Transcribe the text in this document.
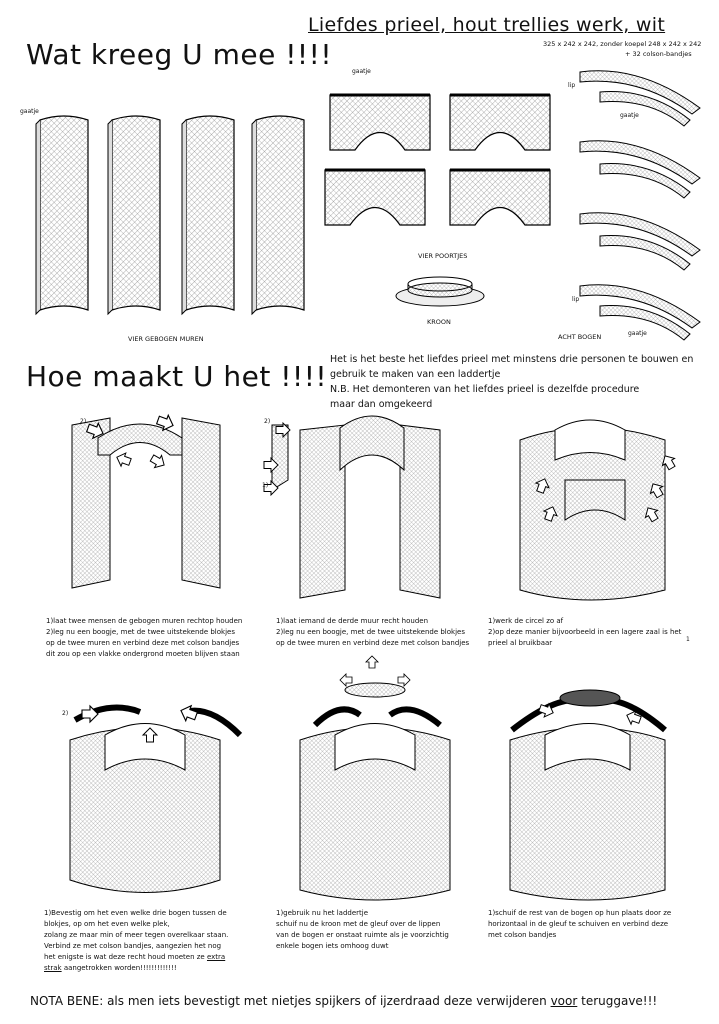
Liefdes prieel, hout trellies werk, wit
325 x 242 x 242, zonder koepel 248 x 242 x 242
+ 32 colson-bandjes
Wat kreeg U mee !!!!
gaatje
gaatje
gaatje
lip
lip
gaatje
VIER GEBOGEN MUREN
VIER POORTJES
KROON
ACHT BOGEN
Hoe maakt U het !!!!
Het is het beste het liefdes prieel met minstens drie personen te bouwen en
gebruik te maken van een laddertje
N.B. Het demonteren van het liefdes prieel is dezelfde procedure
maar dan omgekeerd
2)	2)
1)
2)
1
1)laat twee mensen de gebogen muren rechtop houden
2)leg nu een boogje, met de twee uitstekende blokjes
op de twee muren en verbind deze met colson bandjes
dit zou op een vlakke ondergrond moeten blijven staan
1)laat iemand de derde muur recht houden
2)leg nu een boogje, met de twee uitstekende blokjes
op de twee muren en verbind deze met colson bandjes
1)werk de circel zo af
2)op deze manier bijvoorbeeld in een lagere zaal is het
prieel al bruikbaar
1)Bevestig om het even welke drie bogen tussen de
blokjes, op om het even welke plek,
zolang ze maar min of meer tegen overelkaar staan.
Verbind ze met colson bandjes, aangezien het nog
het enigste is wat deze recht houd moeten ze extra
strak aangetrokken worden!!!!!!!!!!!!!
1)gebruik nu het laddertje
schuif nu de kroon met de gleuf over de lippen
van de bogen er onstaat ruimte als je voorzichtig
enkele bogen iets omhoog duwt
1)schuif de rest van de bogen op hun plaats door ze
horizontaal in de gleuf te schuiven en verbind deze
met colson bandjes
NOTA BENE: als men iets bevestigt met nietjes spijkers of ijzerdraad deze verwijderen voor teruggave!!!
